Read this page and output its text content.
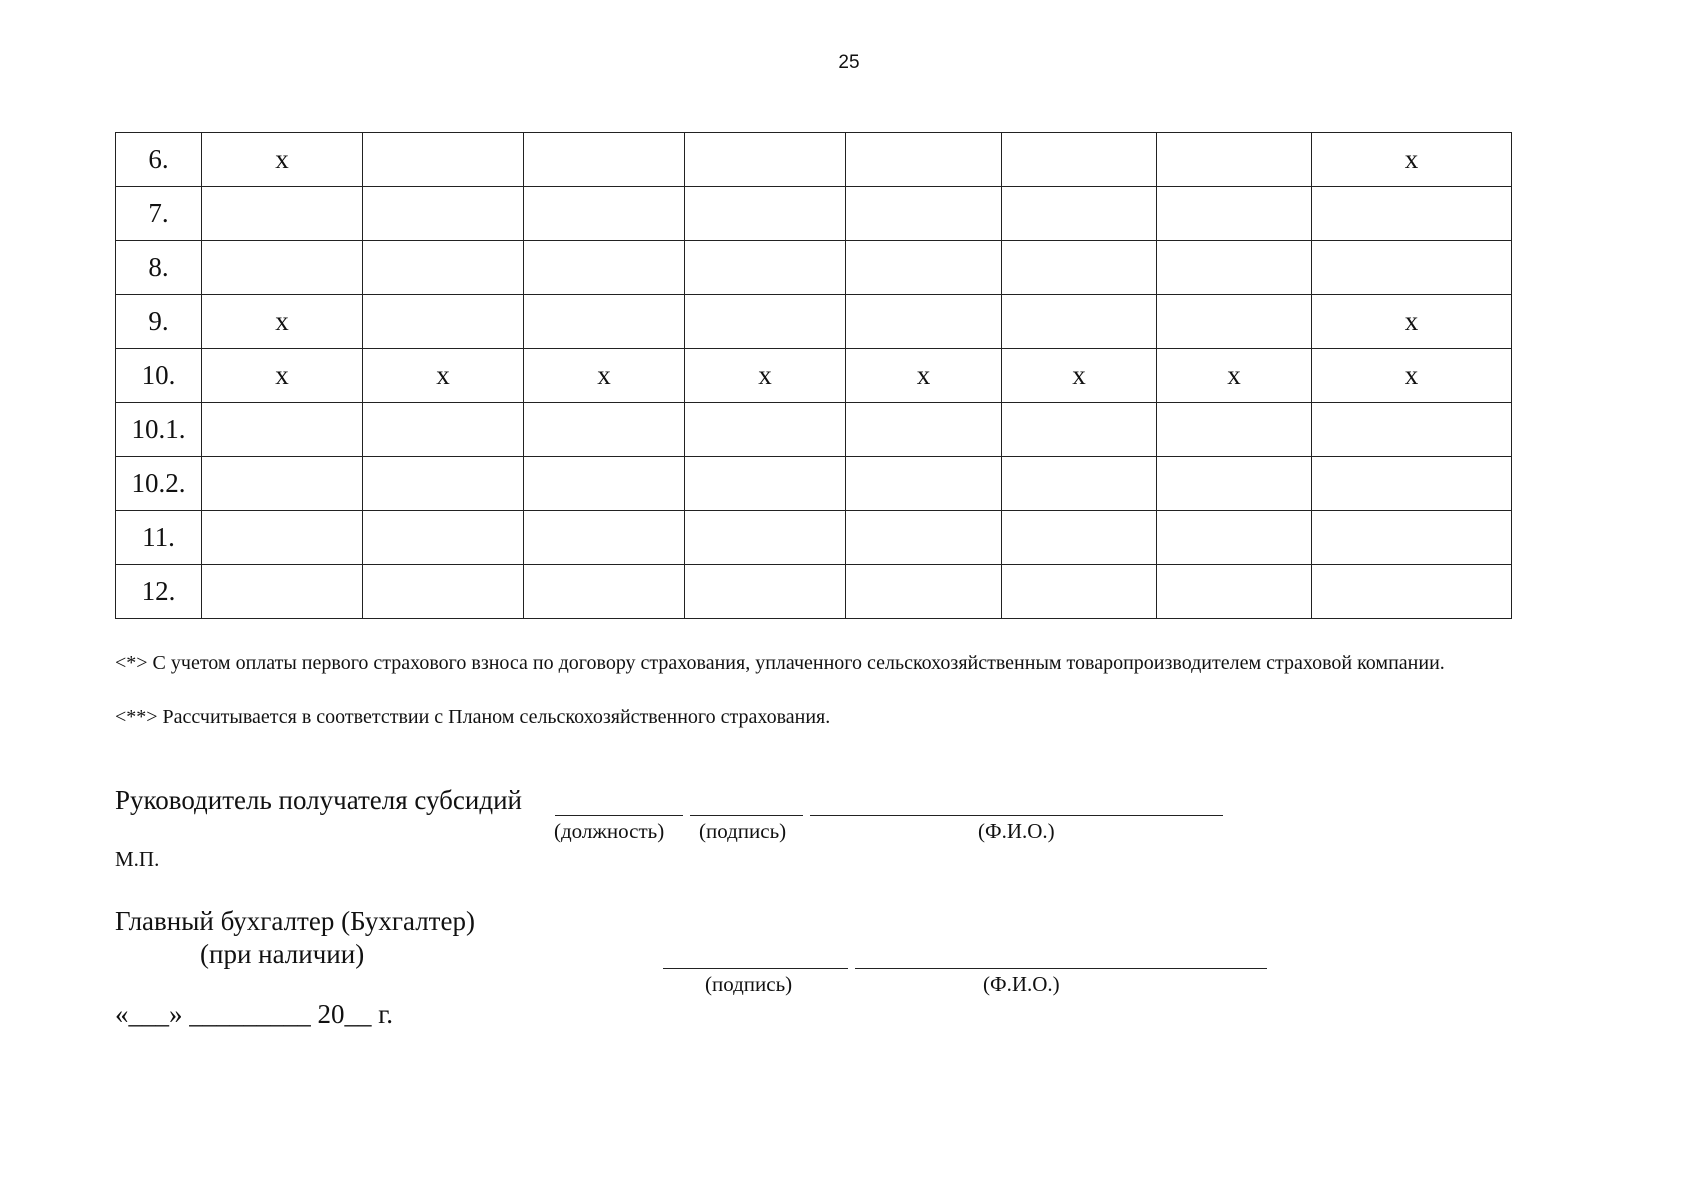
25
6.	x							x
7.								
8.								
9.	x							x
10.	x	x	x	x	x	x	x	x
10.1.								
10.2.								
11.								
12.								
<*> С учетом оплаты первого страхового взноса по договору страхования, уплаченного сельскохозяйственным товаропроизводителем страховой компании.
<**> Рассчитывается в соответствии с Планом сельскохозяйственного страхования.
Руководитель получателя субсидий
(должность) (подпись)	(Ф.И.О.)
М.П.
Главный бухгалтер (Бухгалтер)
(при наличии)
(подпись)	(Ф.И.О.)
«___» _________ 20__ г.
